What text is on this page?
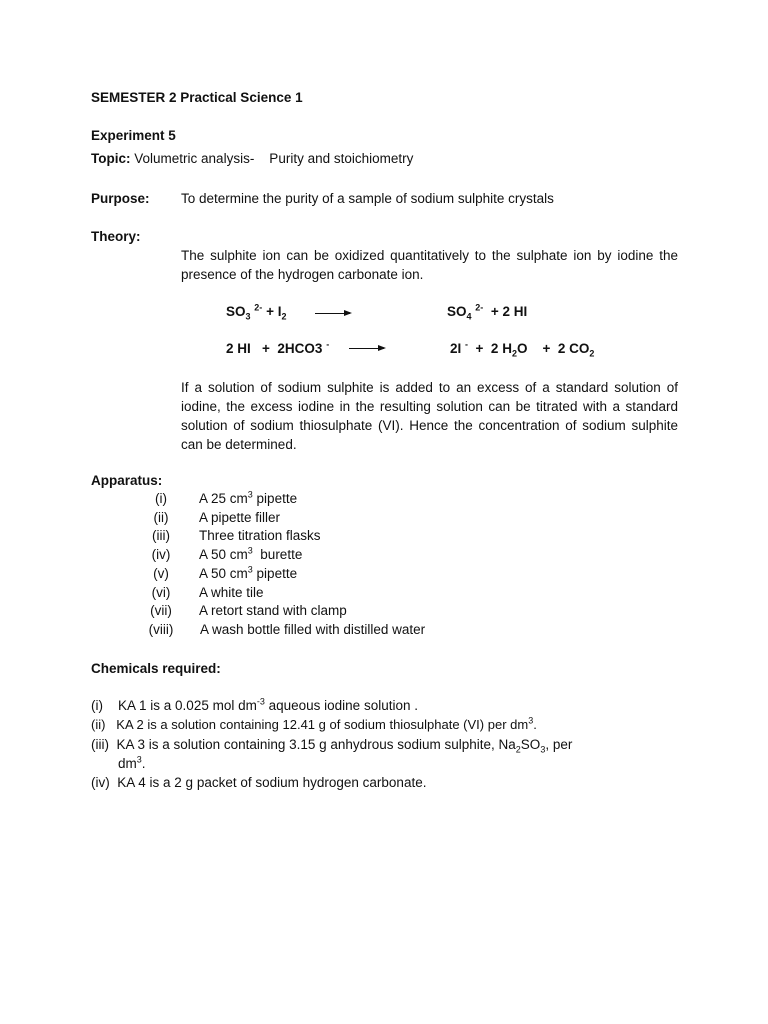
SEMESTER 2 Practical Science 1
Experiment 5
Topic: Volumetric analysis-    Purity and stoichiometry
Purpose: To determine the purity of a sample of sodium sulphite crystals
Theory:
The sulphite ion can be oxidized quantitatively to the sulphate ion by iodine the presence of the hydrogen carbonate ion.
$SO_3$ $^{2-} + I_2$	$SO_4$ $^{2-}$ + 2 HI
2 HI   +  2HCO3 -	2I - +  2 $H_2O$    +  2 $CO_2$
If a solution of sodium sulphite is added to an excess of a standard solution of iodine, the excess iodine in the resulting solution can be titrated with a standard solution of sodium thiosulphate (VI). Hence the concentration of sodium sulphite can be determined.
Apparatus:
(i)	A 25 $cm^3$ pipette
(ii)	A pipette filler
(iii)	Three titration flasks
(iv)	A 50 $cm^3$  burette
(v)	A 50 $cm^3$ pipette
(vi)	A white tile
(vii)	A retort stand with clamp
(viii)	A wash bottle filled with distilled water
Chemicals required:
(i) KA 1 is a 0.025 mol $dm^{-3}$ aqueous iodine solution .
(ii) KA 2 is a solution containing 12.41 g of sodium thiosulphate (VI) per $dm^3$.
(iii) KA 3 is a solution containing 3.15 g anhydrous sodium sulphite, $Na_2SO_3$, per
$dm^3$.
(iv) KA 4 is a 2 g packet of sodium hydrogen carbonate.
